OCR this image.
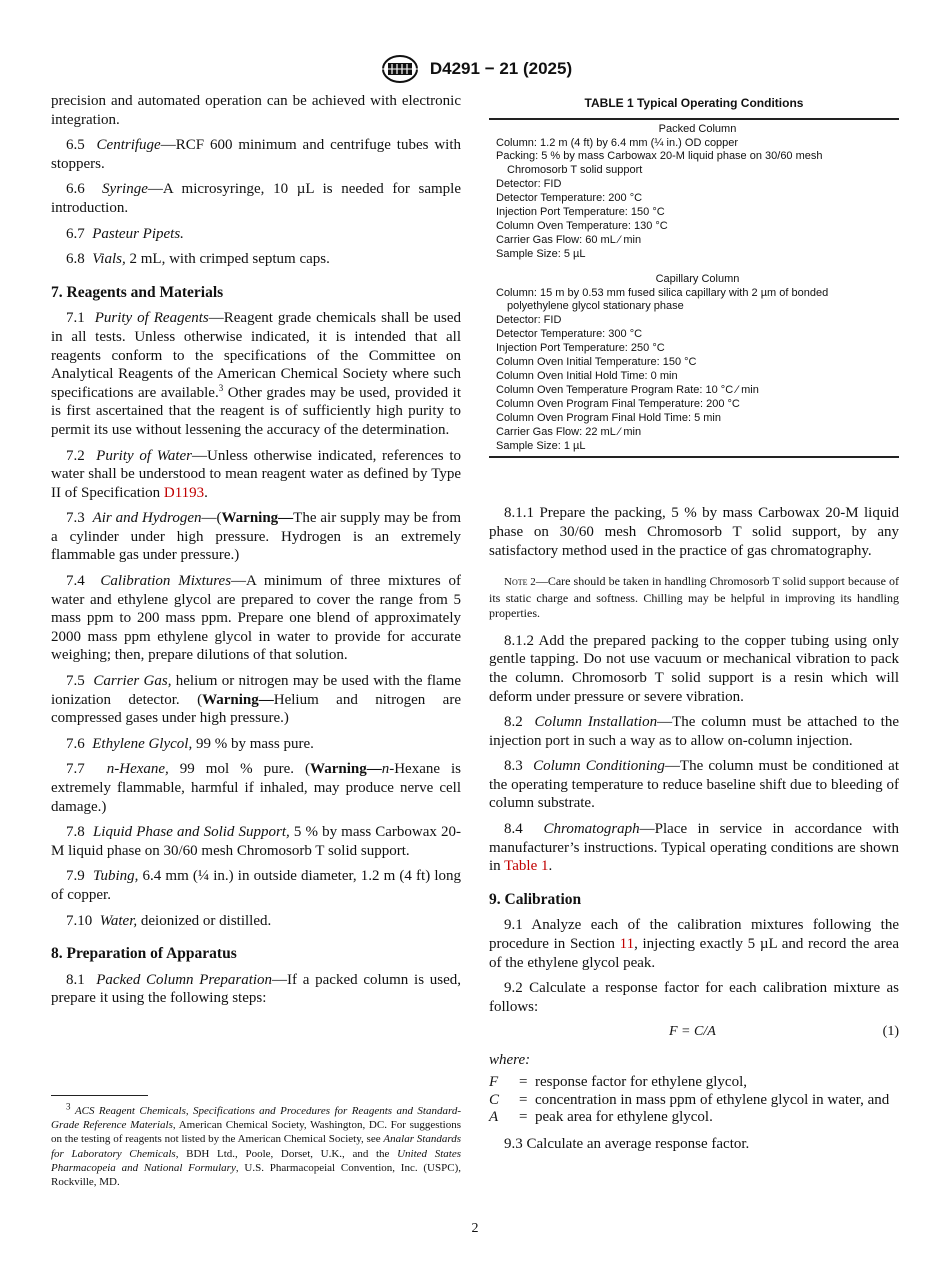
D4291 − 21 (2025)

precision and automated operation can be achieved with electronic integration.

6.5 Centrifuge—RCF 600 minimum and centrifuge tubes with stoppers.

6.6 Syringe—A microsyringe, 10 µL is needed for sample introduction.

6.7 Pasteur Pipets.

6.8 Vials, 2 mL, with crimped septum caps.

7. Reagents and Materials

7.1 Purity of Reagents—Reagent grade chemicals shall be used in all tests. Unless otherwise indicated, it is intended that all reagents conform to the specifications of the Committee on Analytical Reagents of the American Chemical Society where such specifications are available.$^3$ Other grades may be used, provided it is first ascertained that the reagent is of sufficiently high purity to permit its use without lessening the accuracy of the determination.

7.2 Purity of Water—Unless otherwise indicated, references to water shall be understood to mean reagent water as defined by Type II of Specification D1193.

7.3 Air and Hydrogen—(Warning—The air supply may be from a cylinder under high pressure. Hydrogen is an extremely flammable gas under pressure.)

7.4 Calibration Mixtures—A minimum of three mixtures of water and ethylene glycol are prepared to cover the range from 5 mass ppm to 200 mass ppm. Prepare one blend of approximately 2000 mass ppm ethylene glycol in water to provide for accurate weighing; then, prepare dilutions of that solution.

7.5 Carrier Gas, helium or nitrogen may be used with the flame ionization detector. (Warning—Helium and nitrogen are compressed gases under high pressure.)

7.6 Ethylene Glycol, 99 % by mass pure.

7.7 n-Hexane, 99 mol % pure. (Warning—n-Hexane is extremely flammable, harmful if inhaled, may produce nerve cell damage.)

7.8 Liquid Phase and Solid Support, 5 % by mass Carbowax 20-M liquid phase on 30/60 mesh Chromosorb T solid support.

7.9 Tubing, 6.4 mm (¼ in.) in outside diameter, 1.2 m (4 ft) long of copper.

7.10 Water, deionized or distilled.

8. Preparation of Apparatus

8.1 Packed Column Preparation—If a packed column is used, prepare it using the following steps:

$^3$ ACS Reagent Chemicals, Specifications and Procedures for Reagents and Standard-Grade Reference Materials, American Chemical Society, Washington, DC. For suggestions on the testing of reagents not listed by the American Chemical Society, see Analar Standards for Laboratory Chemicals, BDH Ltd., Poole, Dorset, U.K., and the United States Pharmacopeia and National Formulary, U.S. Pharmacopeial Convention, Inc. (USPC), Rockville, MD.
TABLE 1 Typical Operating Conditions

Packed Column

Column: 1.2 m (4 ft) by 6.4 mm (¼ in.) OD copper

Packing: 5 % by mass Carbowax 20-M liquid phase on 30/60 mesh

Chromosorb T solid support

Detector: FID

Detector Temperature: 200 °C

Injection Port Temperature: 150 °C

Column Oven Temperature: 130 °C

Carrier Gas Flow: 60 mL ⁄ min

Sample Size: 5 µL

Capillary Column

Column: 15 m by 0.53 mm fused silica capillary with 2 µm of bonded

polyethylene glycol stationary phase

Detector: FID

Detector Temperature: 300 °C

Injection Port Temperature: 250 °C

Column Oven Initial Temperature: 150 °C

Column Oven Initial Hold Time: 0 min

Column Oven Temperature Program Rate: 10 °C ⁄ min

Column Oven Program Final Temperature: 200 °C

Column Oven Program Final Hold Time: 5 min

Carrier Gas Flow: 22 mL ⁄ min

Sample Size: 1 µL

8.1.1 Prepare the packing, 5 % by mass Carbowax 20-M liquid phase on 30/60 mesh Chromosorb T solid support, by any satisfactory method used in the practice of gas chromatography.

Note 2—Care should be taken in handling Chromosorb T solid support because of its static charge and softness. Chilling may be helpful in improving its handling properties.

8.1.2 Add the prepared packing to the copper tubing using only gentle tapping. Do not use vacuum or mechanical vibration to pack the column. Chromosorb T solid support is a resin which will deform under pressure or severe vibration.

8.2 Column Installation—The column must be attached to the injection port in such a way as to allow on-column injection.

8.3 Column Conditioning—The column must be conditioned at the operating temperature to reduce baseline shift due to bleeding of column substrate.

8.4 Chromatograph—Place in service in accordance with manufacturer’s instructions. Typical operating conditions are shown in Table 1.

9. Calibration

9.1 Analyze each of the calibration mixtures following the procedure in Section 11, injecting exactly 5 µL and record the area of the ethylene glycol peak.

9.2 Calculate a response factor for each calibration mixture as follows:

F = C/A	(1)

where:

F	= response factor for ethylene glycol,
C	= concentration in mass ppm of ethylene glycol in water, and
A	= peak area for ethylene glycol.

9.3 Calculate an average response factor.

2
